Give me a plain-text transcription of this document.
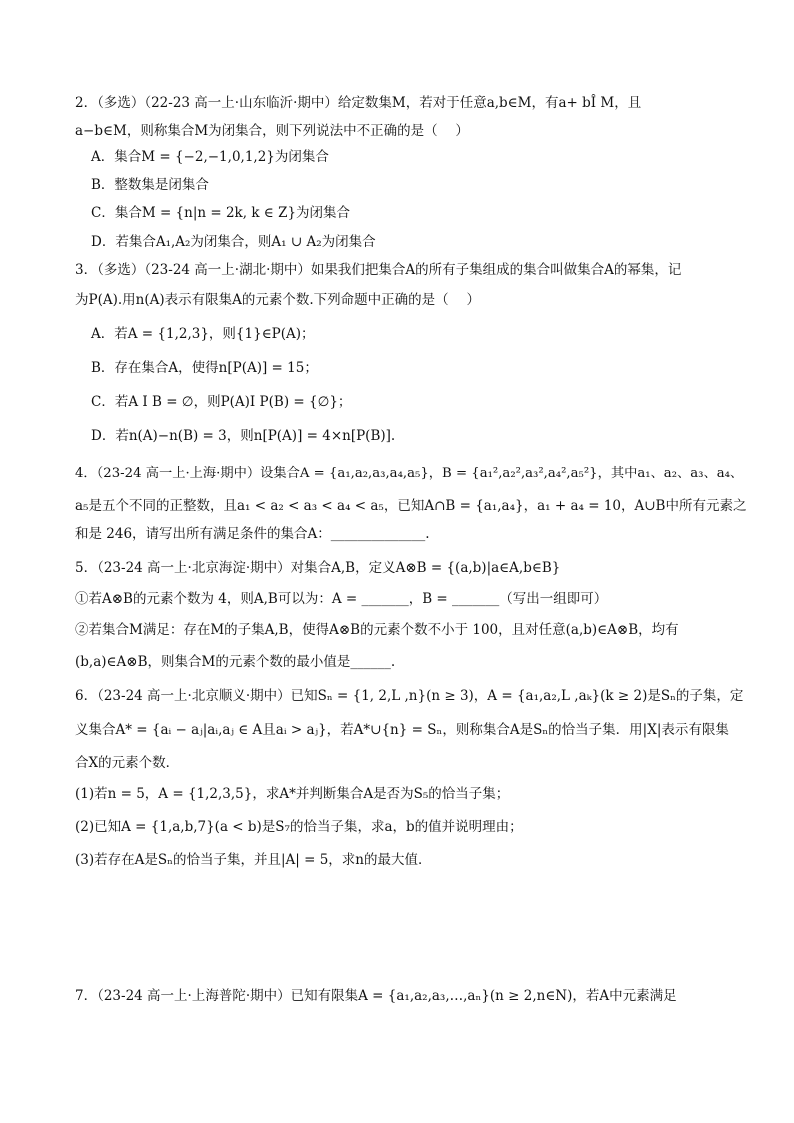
2．（多选）（22-23 高一上·山东临沂·期中）给定数集M，若对于任意a,b∈M，有a+ bÎ M，且
a−b∈M，则称集合M为闭集合，则下列说法中不正确的是（　 ）
A．集合M = {−2,−1,0,1,2}为闭集合
B．整数集是闭集合
C．集合M = {n|n = 2k, k ∈ Z}为闭集合
D．若集合A₁,A₂为闭集合，则A₁ ∪ A₂为闭集合
3．（多选）（23-24 高一上·湖北·期中）如果我们把集合A的所有子集组成的集合叫做集合A的幂集，记
为P(A).用n(A)表示有限集A的元素个数.下列命题中正确的是（　 ）
A．若A = {1,2,3}，则{1}∈P(A)；
B．存在集合A，使得n[P(A)] = 15；
C．若A I B = ∅，则P(A)I P(B) = {∅}；
D．若n(A)−n(B) = 3，则n[P(A)] = 4×n[P(B)].
4．（23-24 高一上·上海·期中）设集合A = {a₁,a₂,a₃,a₄,a₅}，B = {a₁²,a₂²,a₃²,a₄²,a₅²}，其中a₁、a₂、a₃、a₄、
a₅是五个不同的正整数，且a₁ < a₂ < a₃ < a₄ < a₅，已知A∩B = {a₁,a₄}，a₁ + a₄ = 10，A∪B中所有元素之
和是 246，请写出所有满足条件的集合A：______________.
5．（23-24 高一上·北京海淀·期中）对集合A,B，定义A⊗B = {(a,b)|a∈A,b∈B}
①若A⊗B的元素个数为 4，则A,B可以为：A = _______，B = _______（写出一组即可）
②若集合M满足：存在M的子集A,B，使得A⊗B的元素个数不小于 100，且对任意(a,b)∈A⊗B，均有
(b,a)∈A⊗B，则集合M的元素个数的最小值是______.
6．（23-24 高一上·北京顺义·期中）已知Sₙ = {1, 2,L ,n}(n ≥ 3)，A = {a₁,a₂,L ,aₖ}(k ≥ 2)是Sₙ的子集，定
义集合A* = {aᵢ − aⱼ|aᵢ,aⱼ ∈ A且aᵢ > aⱼ}，若A*∪{n} = Sₙ，则称集合A是Sₙ的恰当子集．用|X|表示有限集
合X的元素个数．
(1)若n = 5，A = {1,2,3,5}，求A*并判断集合A是否为S₅的恰当子集；
(2)已知A = {1,a,b,7}(a < b)是S₇的恰当子集，求a，b的值并说明理由；
(3)若存在A是Sₙ的恰当子集，并且|A| = 5，求n的最大值．
7．（23-24 高一上·上海普陀·期中）已知有限集A = {a₁,a₂,a₃,…,aₙ}(n ≥ 2,n∈N)，若A中元素满足
